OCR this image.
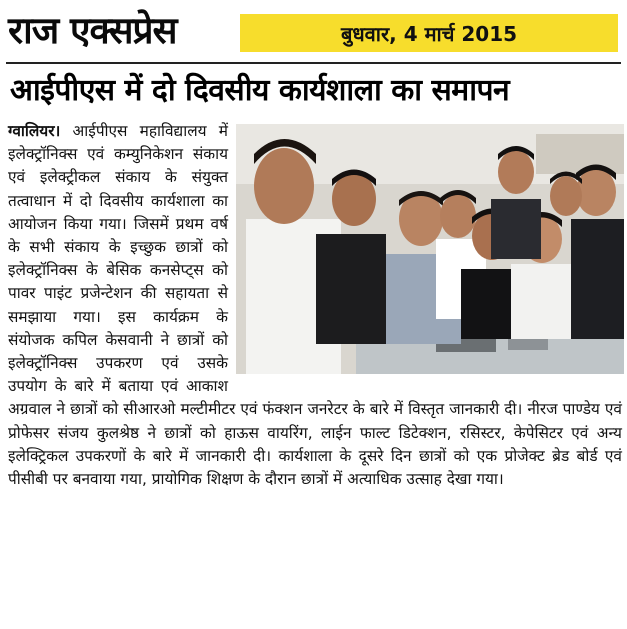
राज एक्सप्रेस	बुधवार, 4 मार्च 2015
आईपीएस में दो दिवसीय कार्यशाला का समापन

ग्वालियर। आईपीएस महाविद्यालय में इलेक्ट्रॉनिक्स एवं कम्युनिकेशन संकाय एवं इलेक्ट्रीकल संकाय के संयुक्त तत्वाधान में दो दिवसीय कार्यशाला का आयोजन किया गया। जिसमें प्रथम वर्ष के सभी संकाय के इच्छुक छात्रों को इलेक्ट्रॉनिक्स के बेसिक कनसेप्ट्स को पावर पाइंट प्रजेन्टेशन की सहायता से समझाया गया। इस कार्यक्रम के संयोजक कपिल केसवानी ने छात्रों को इलेक्ट्रॉनिक्स उपकरण एवं उसके उपयोग के बारे में बताया एवं आकाश अग्रवाल ने छात्रों को सीआरओ मल्टीमीटर एवं फंक्शन जनरेटर के बारे में विस्तृत जानकारी दी। नीरज पाण्डेय एवं प्रोफेसर संजय कुलश्रेष्ठ ने छात्रों को हाऊस वायरिंग, लाईन फाल्ट डिटेक्शन, रसिस्टर, केपेसिटर एवं अन्य इलेक्ट्रिकल उपकरणों के बारे में जानकारी दी। कार्यशाला के दूसरे दिन छात्रों को एक प्रोजेक्ट ब्रेड बोर्ड एवं पीसीबी पर बनवाया गया, प्रायोगिक शिक्षण के दौरान छात्रों में अत्याधिक उत्साह देखा गया।
